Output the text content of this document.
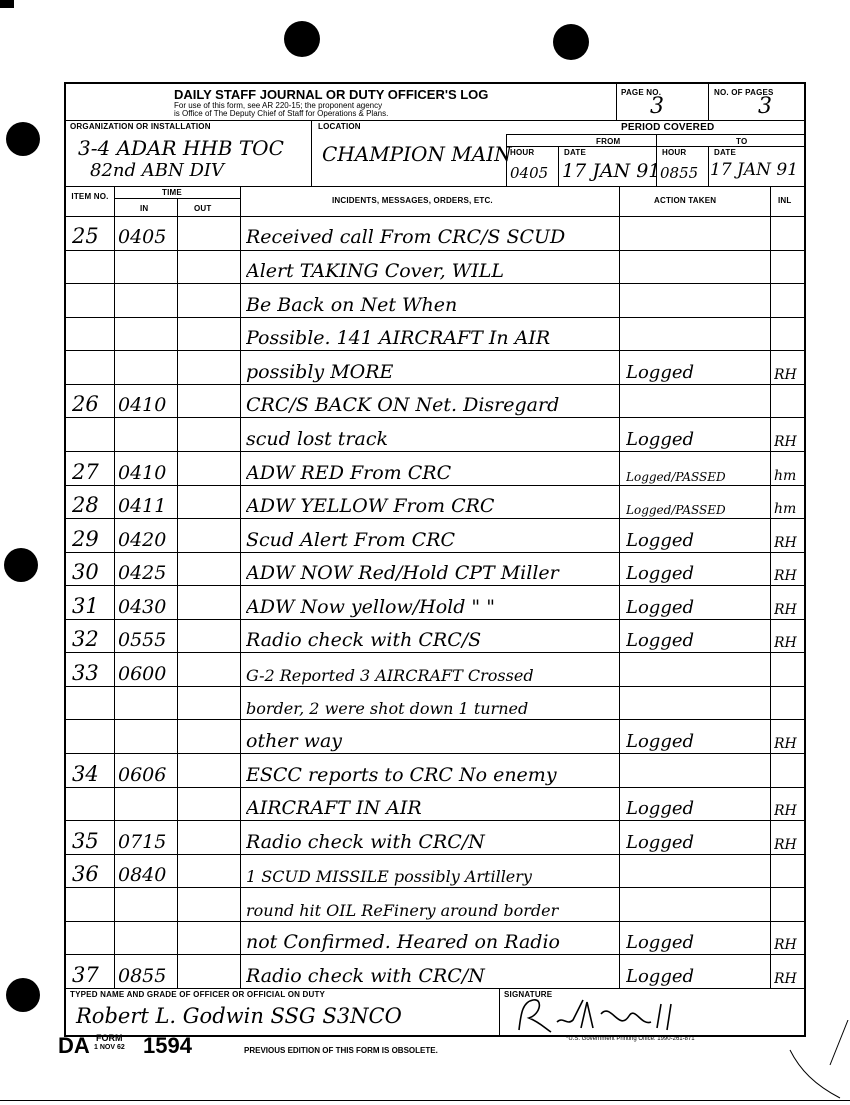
DAILY STAFF JOURNAL OR DUTY OFFICER'S LOG
For use of this form, see AR 220-15; the proponent agency
is Office of The Deputy Chief of Staff for Operations & Plans.
PAGE NO.
3
NO. OF PAGES
3
ORGANIZATION OR INSTALLATION
3-4 ADAR HHB TOC
82nd ABN DIV
LOCATION
CHAMPION MAIN
PERIOD COVERED
FROM	TO
HOUR	DATE	HOUR	DATE
0405 17 JAN 91 0855 17 JAN 91
ITEM NO.	TIME
IN	OUT
INCIDENTS, MESSAGES, ORDERS, ETC.	ACTION TAKEN	INL
25	0405	Received call From CRC/S SCUD
Alert TAKING Cover, WILL
Be Back on Net When
Possible. 141 AIRCRAFT In AIR
possibly MORE	Logged	RH
26	0410	CRC/S BACK ON Net. Disregard
scud lost track	Logged	RH
27	0410	ADW RED From CRC	Logged/PASSED	hm
28	0411	ADW YELLOW From CRC	Logged/PASSED	hm
29	0420	Scud Alert From CRC	Logged	RH
30	0425	ADW NOW Red/Hold CPT Miller	Logged	RH
31	0430	ADW Now yellow/Hold " "	Logged	RH
32	0555	Radio check with CRC/S	Logged	RH
33	0600	G-2 Reported 3 AIRCRAFT Crossed
border, 2 were shot down 1 turned
other way	Logged	RH
34	0606	ESCC reports to CRC No enemy
AIRCRAFT IN AIR	Logged	RH
35	0715	Radio check with CRC/N	Logged	RH
36	0840	1 SCUD MISSILE possibly Artillery
round hit OIL ReFinery around border
not Confirmed. Heared on Radio	Logged	RH
37	0855	Radio check with CRC/N	Logged	RH
TYPED NAME AND GRADE OF OFFICER OR OFFICIAL ON DUTY
Robert L. Godwin SSG S3NCO
SIGNATURE
DA FORM
1 NOV 62 1594	PREVIOUS EDITION OF THIS FORM IS OBSOLETE.
*U.S. Government Printing Office: 1990-261-871
